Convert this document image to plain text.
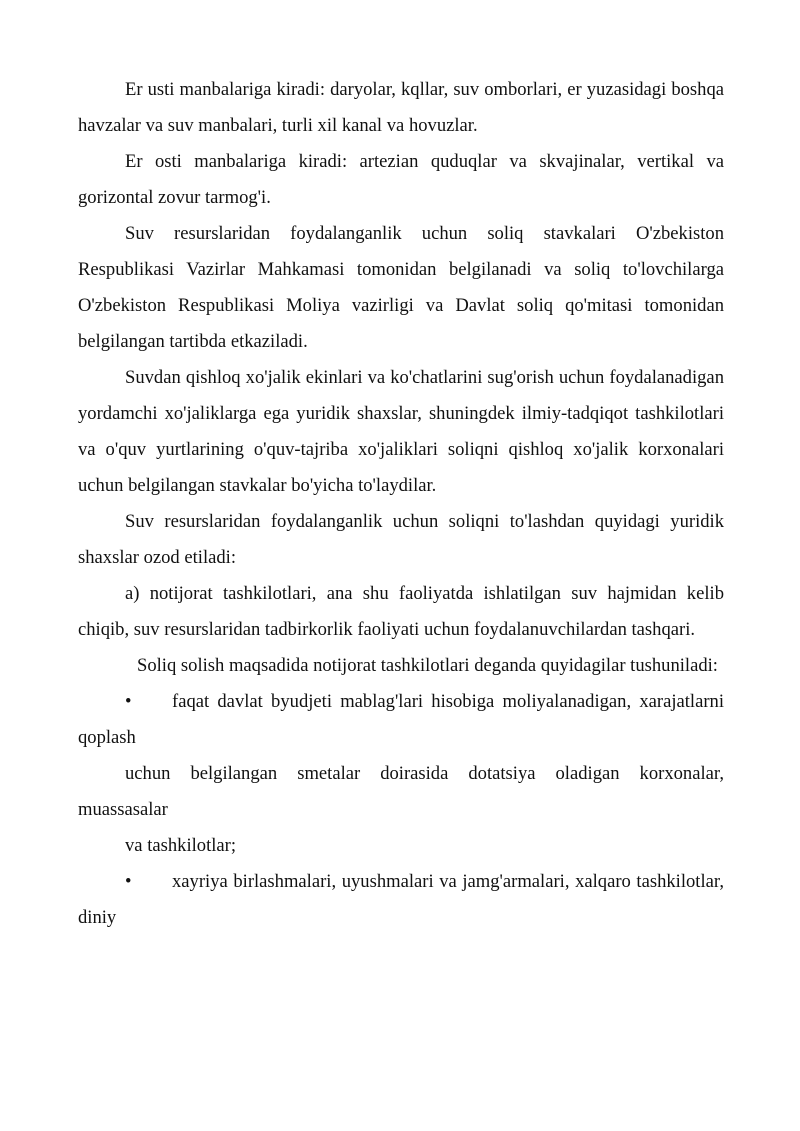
Er usti manbalariga kiradi: daryolar, kqllar, suv omborlari, er yuzasidagi boshqa havzalar va suv manbalari, turli xil kanal va hovuzlar.

Er osti manbalariga kiradi: artezian quduqlar va skvajinalar, vertikal va gorizontal zovur tarmog'i.

Suv resurslaridan foydalanganlik uchun soliq stavkalari O'zbekiston Respublikasi Vazirlar Mahkamasi tomonidan belgilanadi va soliq to'lovchilarga O'zbekiston Respublikasi Moliya vazirligi va Davlat soliq qo'mitasi tomonidan belgilangan tartibda etkaziladi.

Suvdan qishloq xo'jalik ekinlari va ko'chatlarini sug'orish uchun foydalanadigan yordamchi xo'jaliklarga ega yuridik shaxslar, shuningdek ilmiy-tadqiqot tashkilotlari va o'quv yurtlarining o'quv-tajriba xo'jaliklari soliqni qishloq xo'jalik korxonalari uchun belgilangan stavkalar bo'yicha to'laydilar.

Suv resurslaridan foydalanganlik uchun soliqni to'lashdan quyidagi yuridik shaxslar ozod etiladi:

a) notijorat tashkilotlari, ana shu faoliyatda ishlatilgan suv hajmidan kelib chiqib, suv resurslaridan tadbirkorlik faoliyati uchun foydalanuvchilardan tashqari.

Soliq solish maqsadida notijorat tashkilotlari deganda quyidagilar tushuniladi:

• faqat davlat byudjeti mablag'lari hisobiga moliyalanadigan, xarajatlarni qoplash

uchun belgilangan smetalar doirasida dotatsiya oladigan korxonalar, muassasalar

va tashkilotlar;

• xayriya birlashmalari, uyushmalari va jamg'armalari, xalqaro tashkilotlar, diniy
